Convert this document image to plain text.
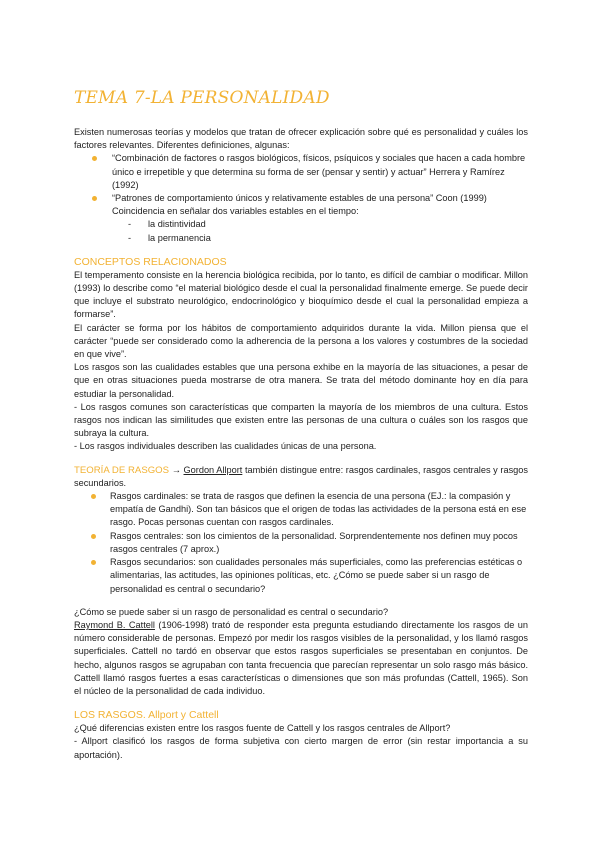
TEMA 7-LA PERSONALIDAD

Existen numerosas teorías y modelos que tratan de ofrecer explicación sobre qué es personalidad y cuáles los factores relevantes. Diferentes definiciones, algunas:

“Combinación de factores o rasgos biológicos, físicos, psíquicos y sociales que hacen a cada hombre único e irrepetible y que determina su forma de ser (pensar y sentir) y actuar” Herrera y Ramírez (1992)
“Patrones de comportamiento únicos y relativamente estables de una persona” Coon (1999) Coincidencia en señalar dos variables estables en el tiempo:
- la distintividad
- la permanencia
CONCEPTOS RELACIONADOS

El temperamento consiste en la herencia biológica recibida, por lo tanto, es difícil de cambiar o modificar. Millon (1993) lo describe como “el material biológico desde el cual la personalidad finalmente emerge. Se puede decir que incluye el substrato neurológico, endocrinológico y bioquímico desde el cual la personalidad empieza a formarse”.

El carácter se forma por los hábitos de comportamiento adquiridos durante la vida. Millon piensa que el carácter “puede ser considerado como la adherencia de la persona a los valores y costumbres de la sociedad en que vive”.

Los rasgos son las cualidades estables que una persona exhibe en la mayoría de las situaciones, a pesar de que en otras situaciones pueda mostrarse de otra manera. Se trata del método dominante hoy en día para estudiar la personalidad.

- Los rasgos comunes son características que comparten la mayoría de los miembros de una cultura. Estos rasgos nos indican las similitudes que existen entre las personas de una cultura o cuáles son los rasgos que subraya la cultura.

- Los rasgos individuales describen las cualidades únicas de una persona.

TEORÍA DE RASGOS → Gordon Allport también distingue entre: rasgos cardinales, rasgos centrales y rasgos secundarios.

Rasgos cardinales: se trata de rasgos que definen la esencia de una persona (EJ.: la compasión y empatía de Gandhi). Son tan básicos que el origen de todas las actividades de la persona está en ese rasgo. Pocas personas cuentan con rasgos cardinales.
Rasgos centrales: son los cimientos de la personalidad. Sorprendentemente nos definen muy pocos rasgos centrales (7 aprox.)
Rasgos secundarios: son cualidades personales más superficiales, como las preferencias estéticas o alimentarias, las actitudes, las opiniones políticas, etc. ¿Cómo se puede saber si un rasgo de personalidad es central o secundario?

¿Cómo se puede saber si un rasgo de personalidad es central o secundario?

Raymond B. Cattell (1906-1998) trató de responder esta pregunta estudiando directamente los rasgos de un número considerable de personas. Empezó por medir los rasgos visibles de la personalidad, y los llamó rasgos superficiales. Cattell no tardó en observar que estos rasgos superficiales se presentaban en conjuntos. De hecho, algunos rasgos se agrupaban con tanta frecuencia que parecían representar un solo rasgo más básico. Cattell llamó rasgos fuertes a esas características o dimensiones que son más profundas (Cattell, 1965). Son el núcleo de la personalidad de cada individuo.

LOS RASGOS. Allport y Cattell

¿Qué diferencias existen entre los rasgos fuente de Cattell y los rasgos centrales de Allport?

- Allport clasificó los rasgos de forma subjetiva con cierto margen de error (sin restar importancia a su aportación).
